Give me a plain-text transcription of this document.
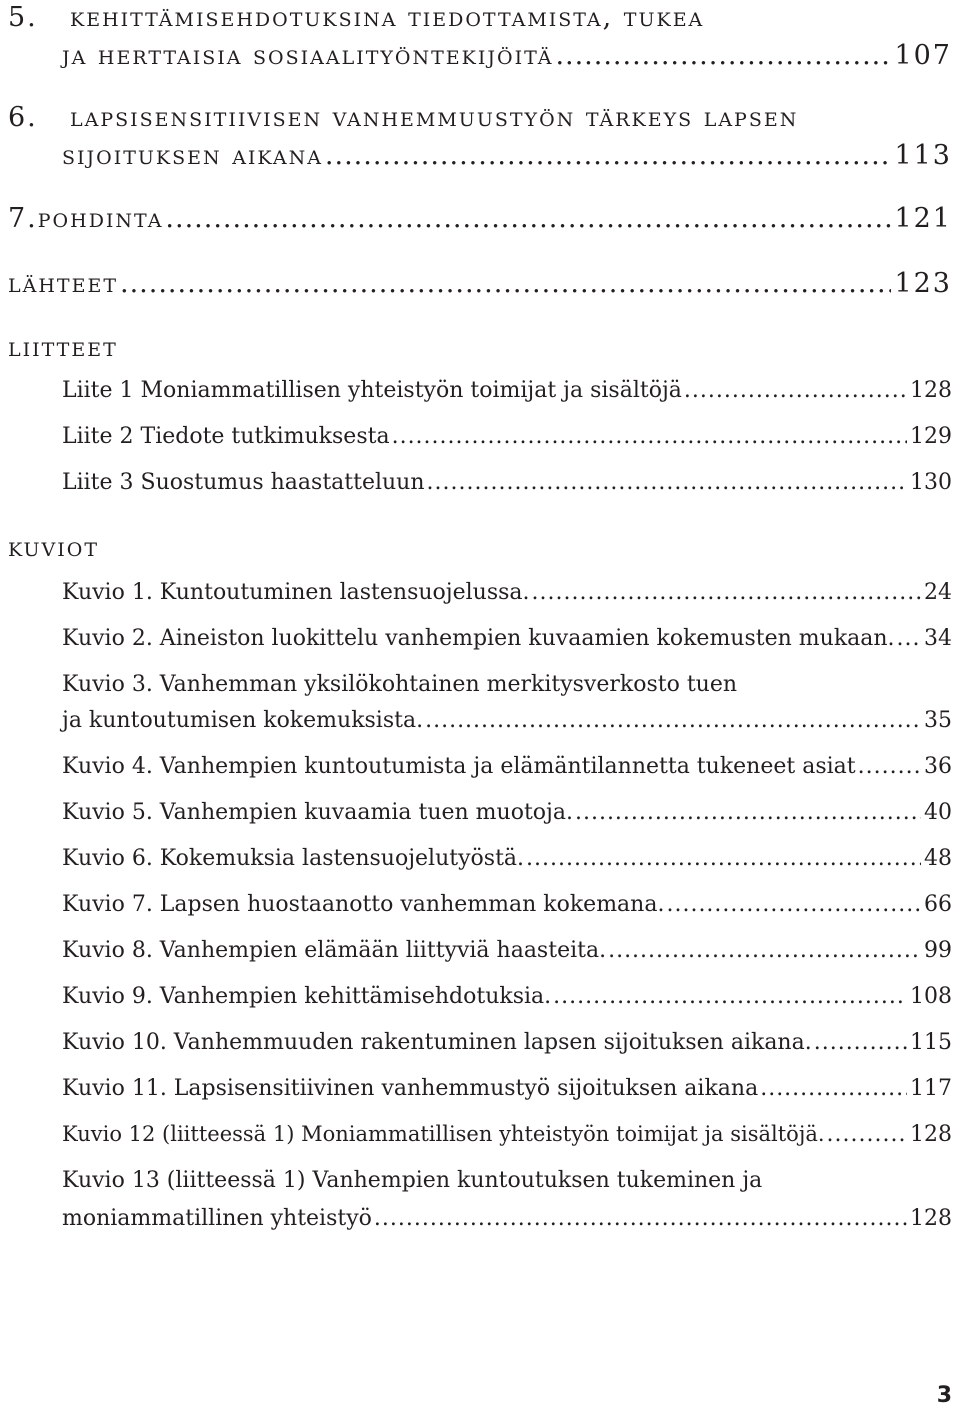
5. kehittämisehdotuksina tiedottamista, tukea
ja herttaisia sosiaalityöntekijöitä .....	107
6. lapsisensitiivisen vanhemmuustyön tärkeys lapsen
sijoituksen aikana .....	113
7. pohdinta .....	121
lähteet .....	123
liitteet
Liite 1 Moniammatillisen yhteistyön toimijat ja sisältöjä .....	128
Liite 2 Tiedote tutkimuksesta .....	129
Liite 3 Suostumus haastatteluun .....	130
kuviot
Kuvio 1. Kuntoutuminen lastensuojelussa. .....	24
Kuvio 2. Aineiston luokittelu vanhempien kuvaamien kokemusten mukaan. ..... 34
Kuvio 3. Vanhemman yksilökohtainen merkitysverkosto tuen
ja kuntoutumisen kokemuksista. .....	35
Kuvio 4. Vanhempien kuntoutumista ja elämäntilannetta tukeneet asiat .....	36
Kuvio 5. Vanhempien kuvaamia tuen muotoja. .....	40
Kuvio 6. Kokemuksia lastensuojelutyöstä. .....	48
Kuvio 7. Lapsen huostaanotto vanhemman kokemana. .....	66
Kuvio 8. Vanhempien elämään liittyviä haasteita. .....	99
Kuvio 9. Vanhempien kehittämisehdotuksia. .....	108
Kuvio 10. Vanhemmuuden rakentuminen lapsen sijoituksen aikana. .....	115
Kuvio 11. Lapsisensitiivinen vanhemmustyö sijoituksen aikana .....	117
Kuvio 12 (liitteessä 1) Moniammatillisen yhteistyön toimijat ja sisältöjä. .....	128
Kuvio 13 (liitteessä 1) Vanhempien kuntoutuksen tukeminen ja
moniammatillinen yhteistyö .....	128
3
